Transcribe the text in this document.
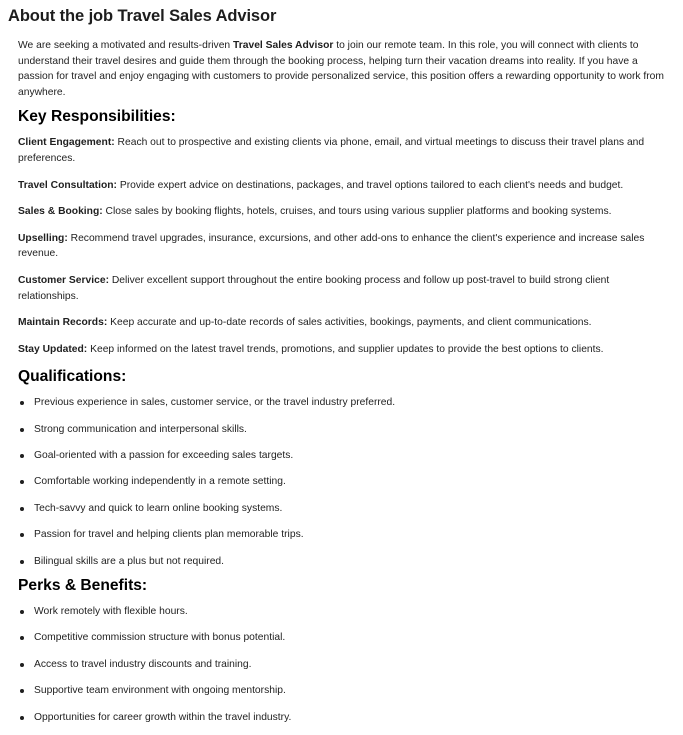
About the job Travel Sales Advisor

We are seeking a motivated and results-driven Travel Sales Advisor to join our remote team. In this role, you will connect with clients to understand their travel desires and guide them through the booking process, helping turn their vacation dreams into reality. If you have a passion for travel and enjoy engaging with customers to provide personalized service, this position offers a rewarding opportunity to work from anywhere.

Key Responsibilities:

Client Engagement: Reach out to prospective and existing clients via phone, email, and virtual meetings to discuss their travel plans and preferences.

Travel Consultation: Provide expert advice on destinations, packages, and travel options tailored to each client's needs and budget.

Sales & Booking: Close sales by booking flights, hotels, cruises, and tours using various supplier platforms and booking systems.

Upselling: Recommend travel upgrades, insurance, excursions, and other add-ons to enhance the client's experience and increase sales revenue.

Customer Service: Deliver excellent support throughout the entire booking process and follow up post-travel to build strong client relationships.

Maintain Records: Keep accurate and up-to-date records of sales activities, bookings, payments, and client communications.

Stay Updated: Keep informed on the latest travel trends, promotions, and supplier updates to provide the best options to clients.

Qualifications:
Previous experience in sales, customer service, or the travel industry preferred.
Strong communication and interpersonal skills.
Goal-oriented with a passion for exceeding sales targets.
Comfortable working independently in a remote setting.
Tech-savvy and quick to learn online booking systems.
Passion for travel and helping clients plan memorable trips.
Bilingual skills are a plus but not required.
Perks & Benefits:
Work remotely with flexible hours.
Competitive commission structure with bonus potential.
Access to travel industry discounts and training.
Supportive team environment with ongoing mentorship.
Opportunities for career growth within the travel industry.
